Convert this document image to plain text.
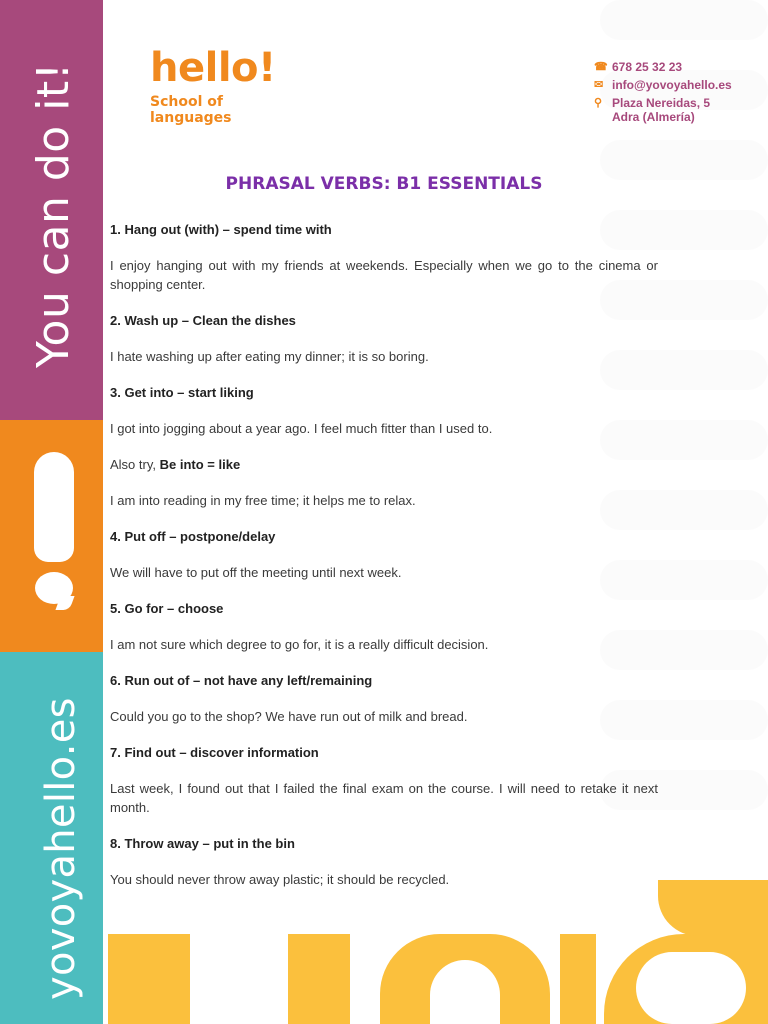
You can do it!
yovoyahello.es
hello!
School of
languages
☎ 678 25 32 23
✉ info@yovoyahello.es
⚲ Plaza Nereidas, 5
Adra (Almería)
PHRASAL VERBS: B1 ESSENTIALS
1. Hang out (with) – spend time with
I enjoy hanging out with my friends at weekends. Especially when we go to the cinema or shopping center.
2. Wash up – Clean the dishes
I hate washing up after eating my dinner; it is so boring.
3. Get into – start liking
I got into jogging about a year ago. I feel much fitter than I used to.
Also try, Be into = like
I am into reading in my free time; it helps me to relax.
4. Put off – postpone/delay
We will have to put off the meeting until next week.
5. Go for – choose
I am not sure which degree to go for, it is a really difficult decision.
6. Run out of – not have any left/remaining
Could you go to the shop? We have run out of milk and bread.
7. Find out – discover information
Last week, I found out that I failed the final exam on the course. I will need to retake it next month.
8. Throw away – put in the bin
You should never throw away plastic; it should be recycled.
